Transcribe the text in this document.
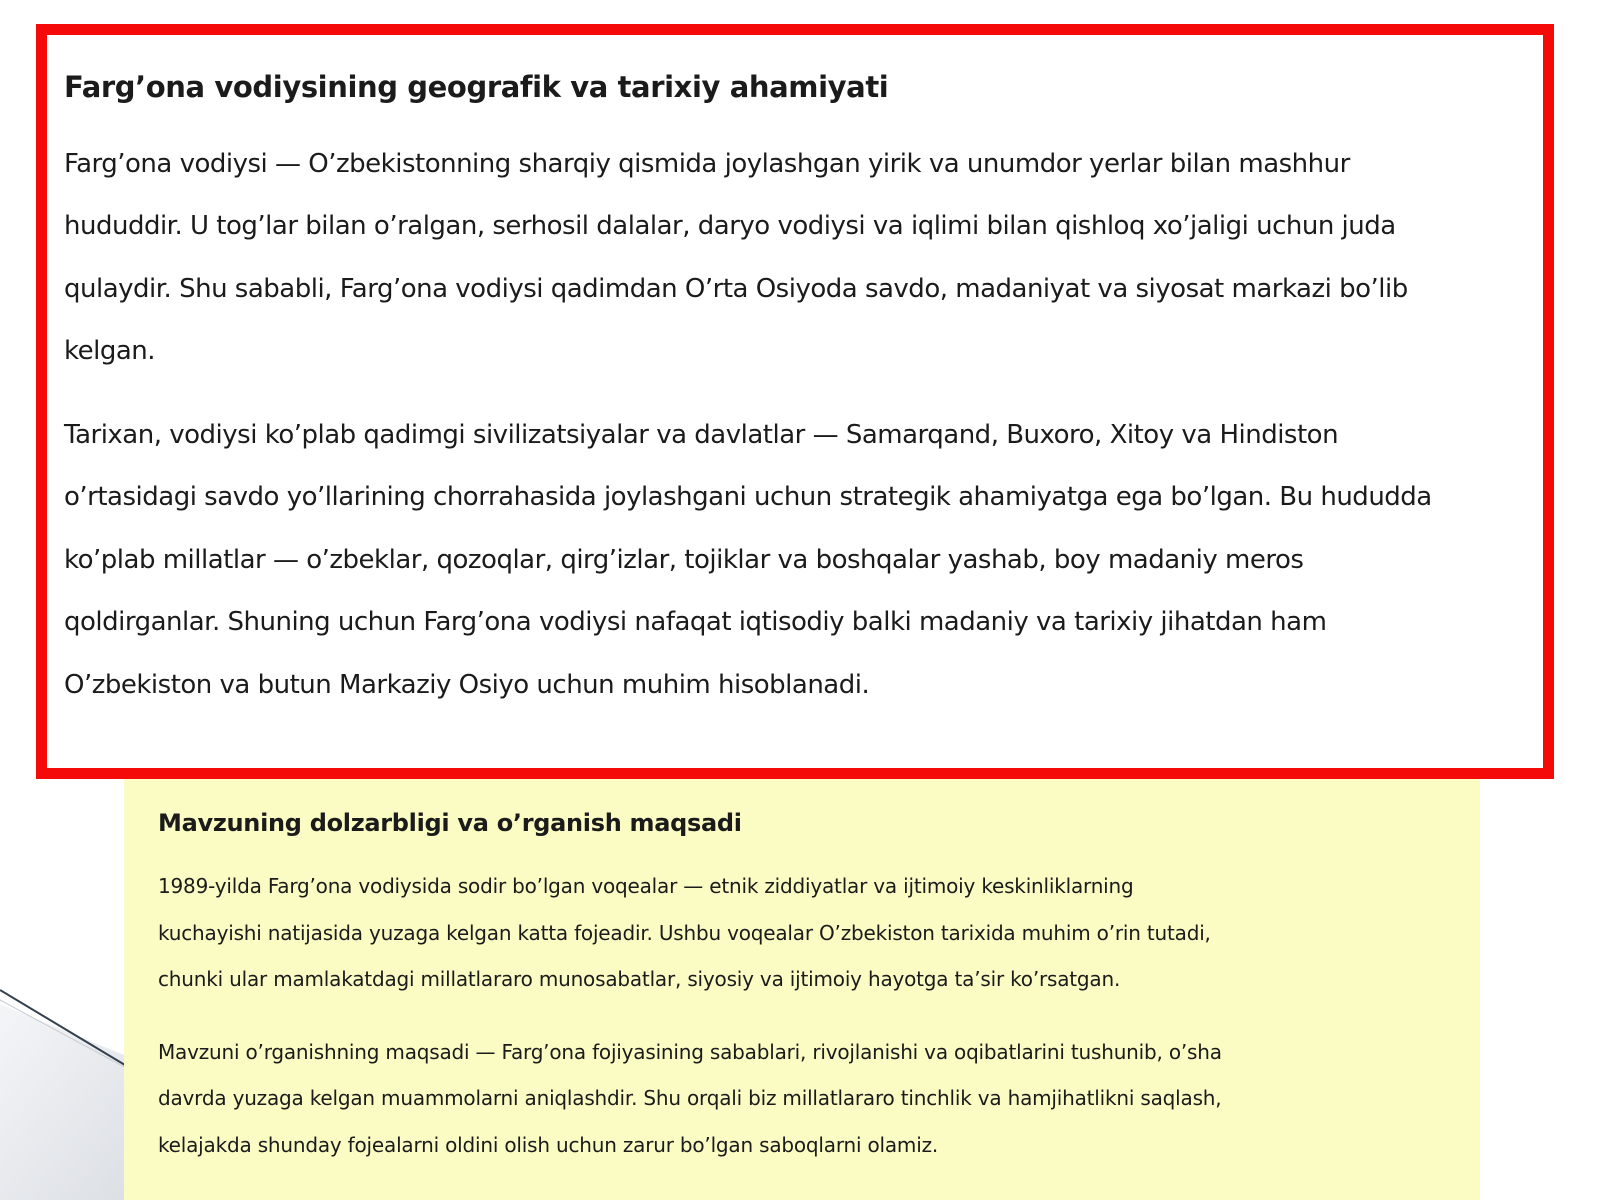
Farg’ona vodiysining geografik va tarixiy ahamiyati

Farg’ona vodiysi — O’zbekistonning sharqiy qismida joylashgan yirik va unumdor yerlar bilan mashhur
hududdir. U tog’lar bilan o’ralgan, serhosil dalalar, daryo vodiysi va iqlimi bilan qishloq xo’jaligi uchun juda
qulaydir. Shu sababli, Farg’ona vodiysi qadimdan O’rta Osiyoda savdo, madaniyat va siyosat markazi bo’lib
kelgan.

Tarixan, vodiysi ko’plab qadimgi sivilizatsiyalar va davlatlar — Samarqand, Buxoro, Xitoy va Hindiston
o’rtasidagi savdo yo’llarining chorrahasida joylashgani uchun strategik ahamiyatga ega bo’lgan. Bu hududda
ko’plab millatlar — o’zbeklar, qozoqlar, qirg’izlar, tojiklar va boshqalar yashab, boy madaniy meros
qoldirganlar. Shuning uchun Farg’ona vodiysi nafaqat iqtisodiy balki madaniy va tarixiy jihatdan ham
O’zbekiston va butun Markaziy Osiyo uchun muhim hisoblanadi.

Mavzuning dolzarbligi va o’rganish maqsadi

1989-yilda Farg’ona vodiysida sodir bo’lgan voqealar — etnik ziddiyatlar va ijtimoiy keskinliklarning
kuchayishi natijasida yuzaga kelgan katta fojeadir. Ushbu voqealar O’zbekiston tarixida muhim o’rin tutadi,
chunki ular mamlakatdagi millatlararo munosabatlar, siyosiy va ijtimoiy hayotga ta’sir ko’rsatgan.

Mavzuni o’rganishning maqsadi — Farg’ona fojiyasining sabablari, rivojlanishi va oqibatlarini tushunib, o’sha
davrda yuzaga kelgan muammolarni aniqlashdir. Shu orqali biz millatlararo tinchlik va hamjihatlikni saqlash,
kelajakda shunday fojealarni oldini olish uchun zarur bo’lgan saboqlarni olamiz.
